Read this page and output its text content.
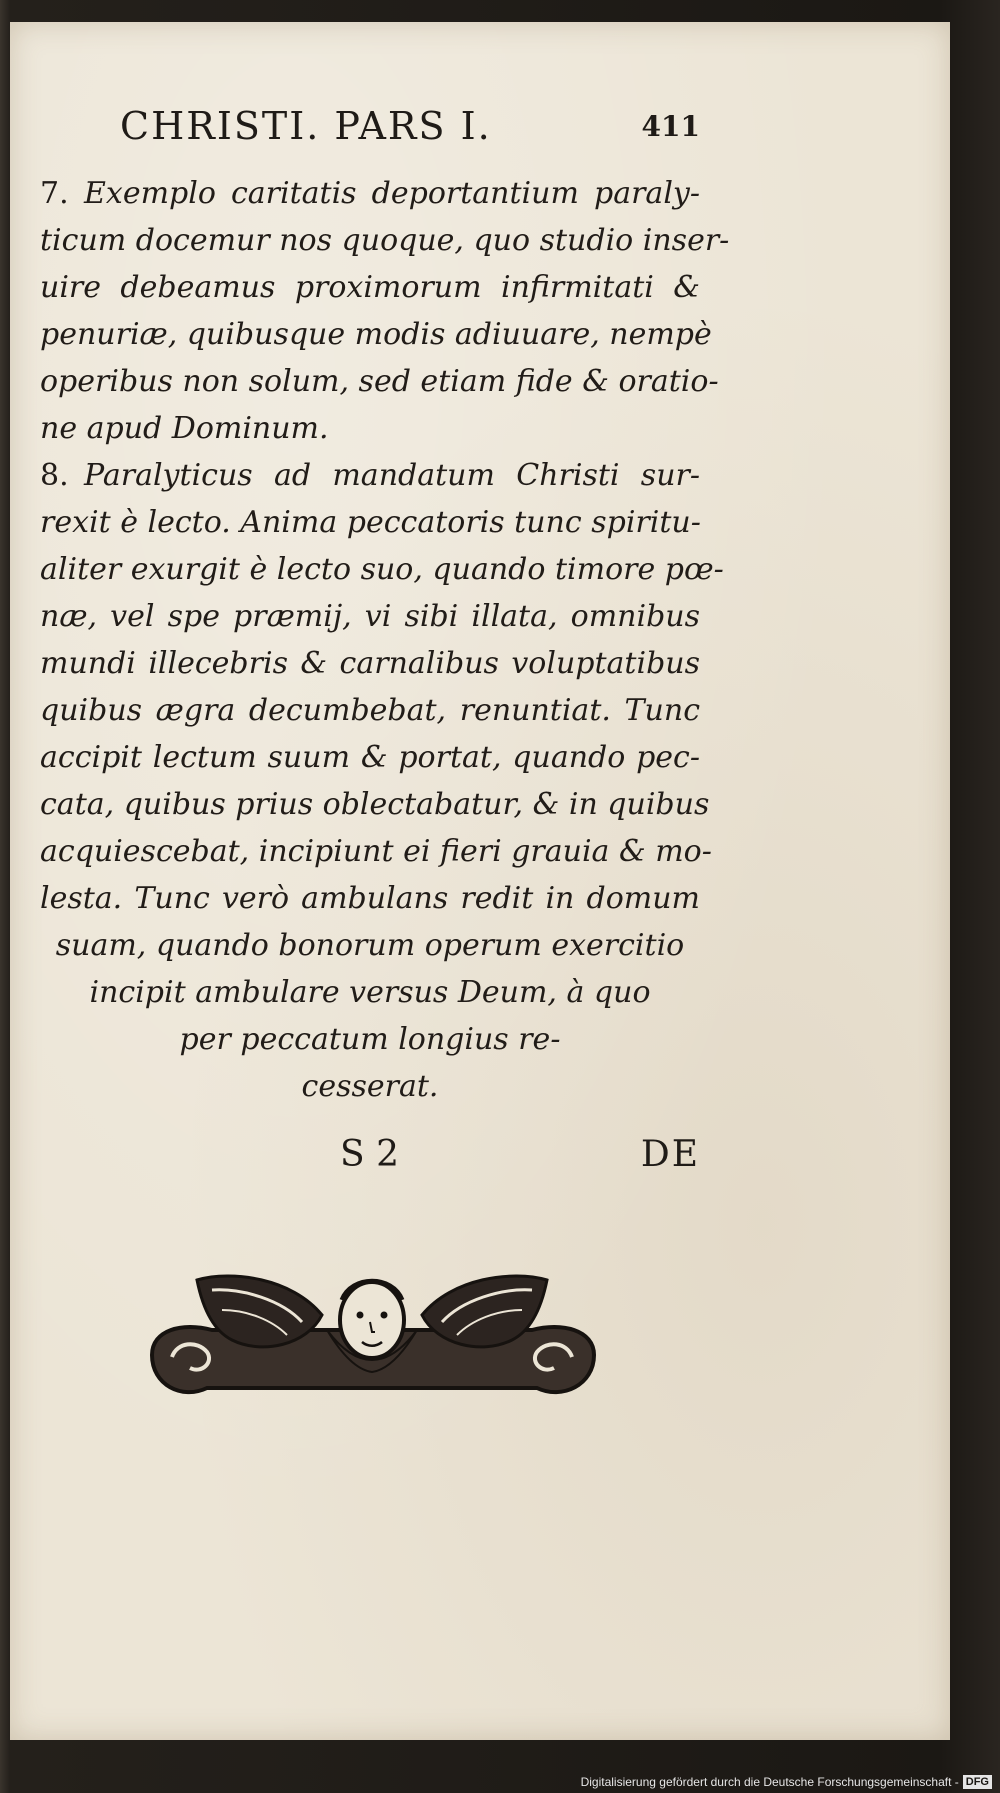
CHRISTI. PARS I.	411
7. Exemplo caritatis deportantium paraly-
ticum docemur nos quoque, quo studio inser-
uire debeamus proximorum infirmitati &
penuriæ, quibusque modis adiuuare, nempè
operibus non solum, sed etiam fide & oratio-
ne apud Dominum.
8. Paralyticus ad mandatum Christi sur-
rexit è lecto. Anima peccatoris tunc spiritu-
aliter exurgit è lecto suo, quando timore pœ-
næ, vel spe præmij, vi sibi illata, omnibus
mundi illecebris & carnalibus voluptatibus
quibus ægra decumbebat, renuntiat. Tunc
accipit lectum suum & portat, quando pec-
cata, quibus prius oblectabatur, & in quibus
acquiescebat, incipiunt ei fieri grauia & mo-
lesta. Tunc verò ambulans redit in domum
suam, quando bonorum operum exercitio
incipit ambulare versus Deum, à quo
per peccatum longius re-
cesserat.
S 2	DE
Digitalisierung gefördert durch die Deutsche Forschungsgemeinschaft - DFG
